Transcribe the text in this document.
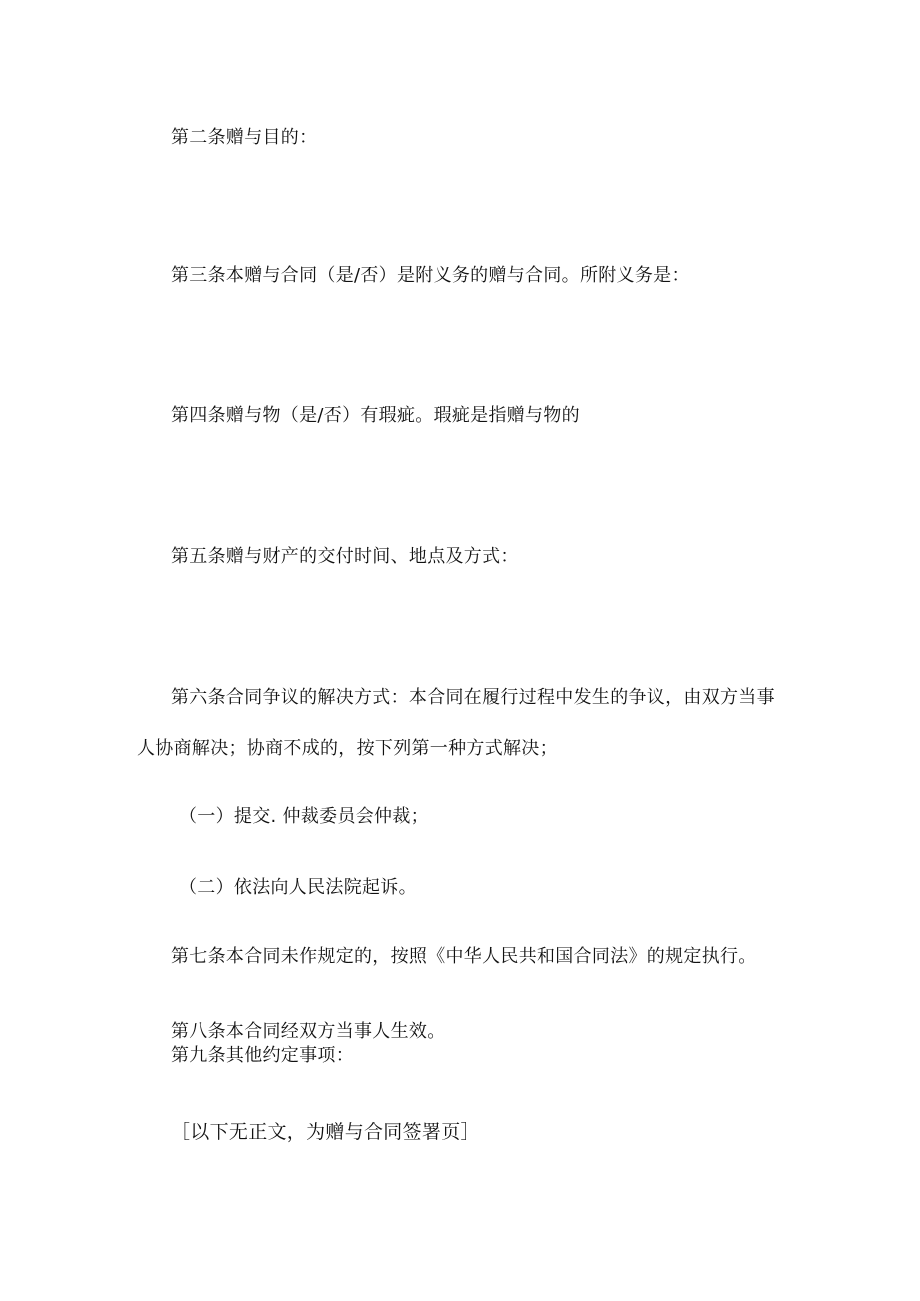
第二条赠与目的：

第三条本赠与合同（是/否）是附义务的赠与合同。所附义务是：

第四条赠与物（是/否）有瑕疵。瑕疵是指赠与物的

第五条赠与财产的交付时间、地点及方式：

第六条合同争议的解决方式：本合同在履行过程中发生的争议，由双方当事

人协商解决；协商不成的，按下列第一种方式解决；

（一）提交. 仲裁委员会仲裁；

（二）依法向人民法院起诉。

第七条本合同未作规定的，按照《中华人民共和国合同法》的规定执行。

第八条本合同经双方当事人生效。

第九条其他约定事项：

［以下无正文，为赠与合同签署页］
